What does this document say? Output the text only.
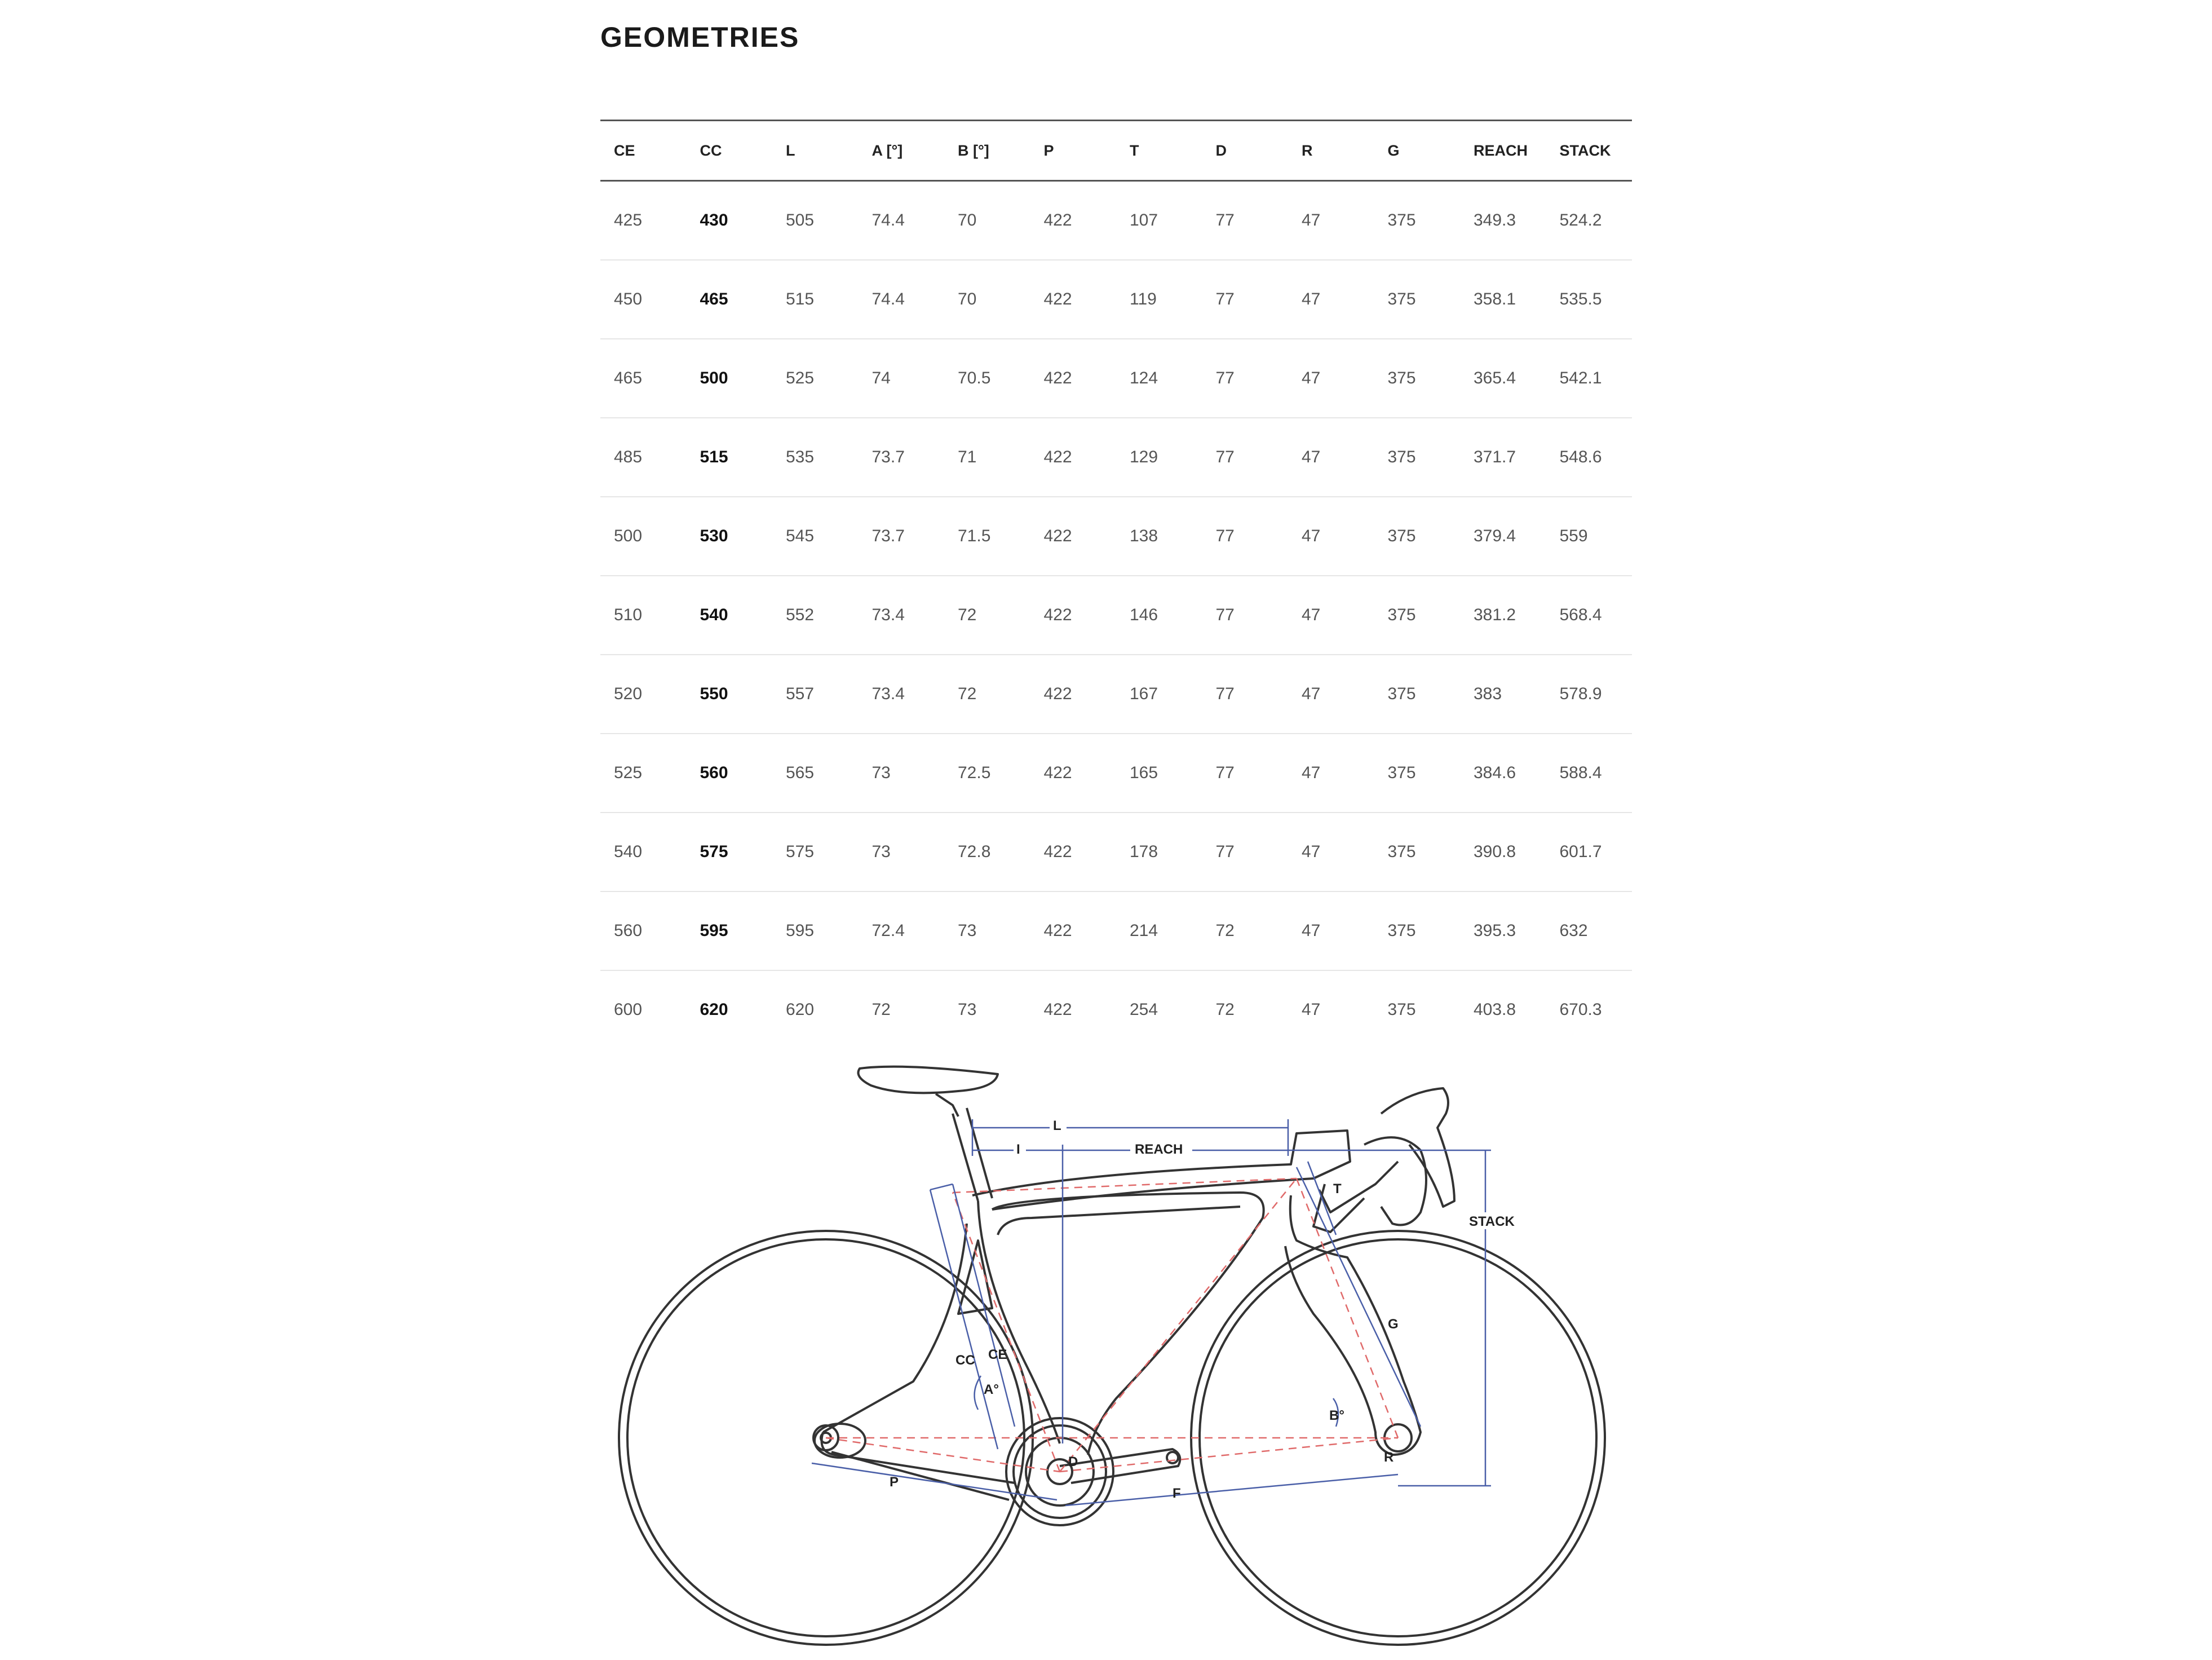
GEOMETRIES
CE	CC	L	A [°]	B [°]	P	T	D	R	G	REACH	STACK
425	430	505	74.4	70	422	107	77	47	375	349.3	524.2
450	465	515	74.4	70	422	119	77	47	375	358.1	535.5
465	500	525	74	70.5	422	124	77	47	375	365.4	542.1
485	515	535	73.7	71	422	129	77	47	375	371.7	548.6
500	530	545	73.7	71.5	422	138	77	47	375	379.4	559
510	540	552	73.4	72	422	146	77	47	375	381.2	568.4
520	550	557	73.4	72	422	167	77	47	375	383	578.9
525	560	565	73	72.5	422	165	77	47	375	384.6	588.4
540	575	575	73	72.8	422	178	77	47	375	390.8	601.7
560	595	595	72.4	73	422	214	72	47	375	395.3	632
600	620	620	72	73	422	254	72	47	375	403.8	670.3
L
I	REACH
T
STACK
G
CC CE
A°
B°
D	R
P
F
